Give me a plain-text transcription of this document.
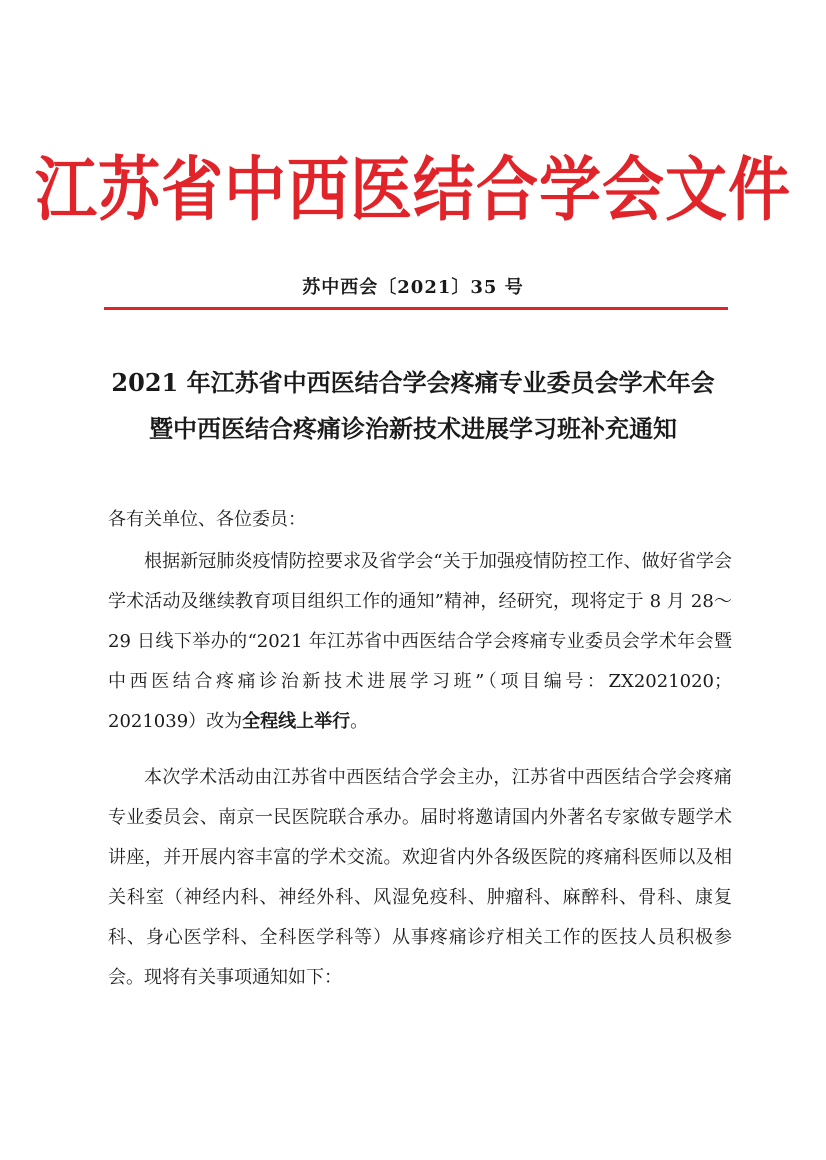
江苏省中西医结合学会文件
苏中西会〔2021〕35 号
2021 年江苏省中西医结合学会疼痛专业委员会学术年会
暨中西医结合疼痛诊治新技术进展学习班补充通知
各有关单位、各位委员：

根据新冠肺炎疫情防控要求及省学会“关于加强疫情防控工作、做好省学会学术活动及继续教育项目组织工作的通知”精神，经研究，现将定于 8 月 28～29 日线下举办的“2021 年江苏省中西医结合学会疼痛专业委员会学术年会暨中西医结合疼痛诊治新技术进展学习班”（项目编号：ZX2021020；2021039）改为全程线上举行。

本次学术活动由江苏省中西医结合学会主办，江苏省中西医结合学会疼痛专业委员会、南京一民医院联合承办。届时将邀请国内外著名专家做专题学术讲座，并开展内容丰富的学术交流。欢迎省内外各级医院的疼痛科医师以及相关科室（神经内科、神经外科、风湿免疫科、肿瘤科、麻醉科、骨科、康复科、身心医学科、全科医学科等）从事疼痛诊疗相关工作的医技人员积极参会。现将有关事项通知如下：
